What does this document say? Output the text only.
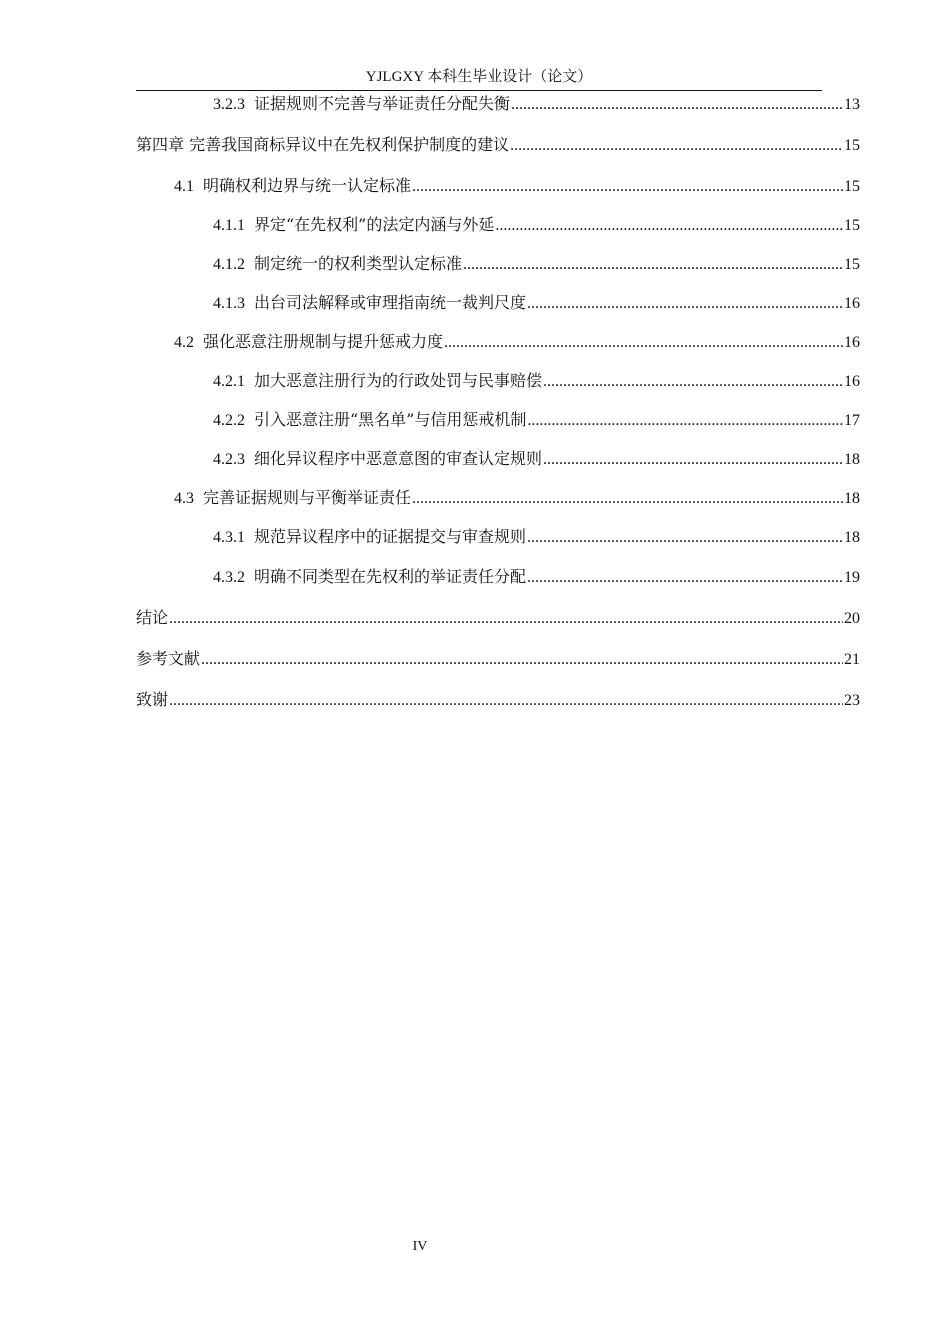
YJLGXY 本科生毕业设计（论文）
3.2.3 证据规则不完善与举证责任分配失衡 .....	13
第四章 完善我国商标异议中在先权利保护制度的建议 .....	15
4.1 明确权利边界与统一认定标准 .....	15
4.1.1 界定“在先权利”的法定内涵与外延 .....	15
4.1.2 制定统一的权利类型认定标准 .....	15
4.1.3 出台司法解释或审理指南统一裁判尺度 .....	16
4.2 强化恶意注册规制与提升惩戒力度 .....	16
4.2.1 加大恶意注册行为的行政处罚与民事赔偿 .....	16
4.2.2 引入恶意注册“黑名单”与信用惩戒机制 .....	17
4.2.3 细化异议程序中恶意意图的审查认定规则 .....	18
4.3 完善证据规则与平衡举证责任 .....	18
4.3.1 规范异议程序中的证据提交与审查规则 .....	18
4.3.2 明确不同类型在先权利的举证责任分配 .....	19
结论 .....	20
参考文献 .....	21
致谢 .....	23
IV
